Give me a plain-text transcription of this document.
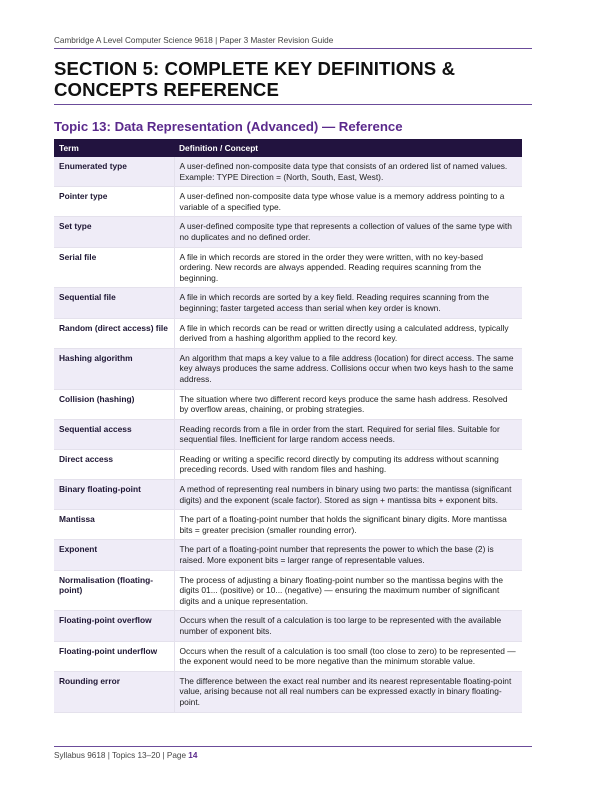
Cambridge A Level Computer Science 9618 | Paper 3 Master Revision Guide
SECTION 5: COMPLETE KEY DEFINITIONS & CONCEPTS REFERENCE
Topic 13: Data Representation (Advanced) — Reference
Term	Definition / Concept
Enumerated type	A user-defined non-composite data type that consists of an ordered list of named values. Example: TYPE Direction = (North, South, East, West).
Pointer type	A user-defined non-composite data type whose value is a memory address pointing to a variable of a specified type.
Set type	A user-defined composite type that represents a collection of values of the same type with no duplicates and no defined order.
Serial file	A file in which records are stored in the order they were written, with no key-based ordering. New records are always appended. Reading requires scanning from the beginning.
Sequential file	A file in which records are sorted by a key field. Reading requires scanning from the beginning; faster targeted access than serial when key order is known.
Random (direct access) file	A file in which records can be read or written directly using a calculated address, typically derived from a hashing algorithm applied to the record key.
Hashing algorithm	An algorithm that maps a key value to a file address (location) for direct access. The same key always produces the same address. Collisions occur when two keys hash to the same address.
Collision (hashing)	The situation where two different record keys produce the same hash address. Resolved by overflow areas, chaining, or probing strategies.
Sequential access	Reading records from a file in order from the start. Required for serial files. Suitable for sequential files. Inefficient for large random access needs.
Direct access	Reading or writing a specific record directly by computing its address without scanning preceding records. Used with random files and hashing.
Binary floating-point	A method of representing real numbers in binary using two parts: the mantissa (significant digits) and the exponent (scale factor). Stored as sign + mantissa bits + exponent bits.
Mantissa	The part of a floating-point number that holds the significant binary digits. More mantissa bits = greater precision (smaller rounding error).
Exponent	The part of a floating-point number that represents the power to which the base (2) is raised. More exponent bits = larger range of representable values.
Normalisation (floating-point)	The process of adjusting a binary floating-point number so the mantissa begins with the digits 01... (positive) or 10... (negative) — ensuring the maximum number of significant digits and a unique representation.
Floating-point overflow	Occurs when the result of a calculation is too large to be represented with the available number of exponent bits.
Floating-point underflow	Occurs when the result of a calculation is too small (too close to zero) to be represented — the exponent would need to be more negative than the minimum storable value.
Rounding error	The difference between the exact real number and its nearest representable floating-point value, arising because not all real numbers can be expressed exactly in binary floating-point.
Syllabus 9618 | Topics 13–20 | Page 14
